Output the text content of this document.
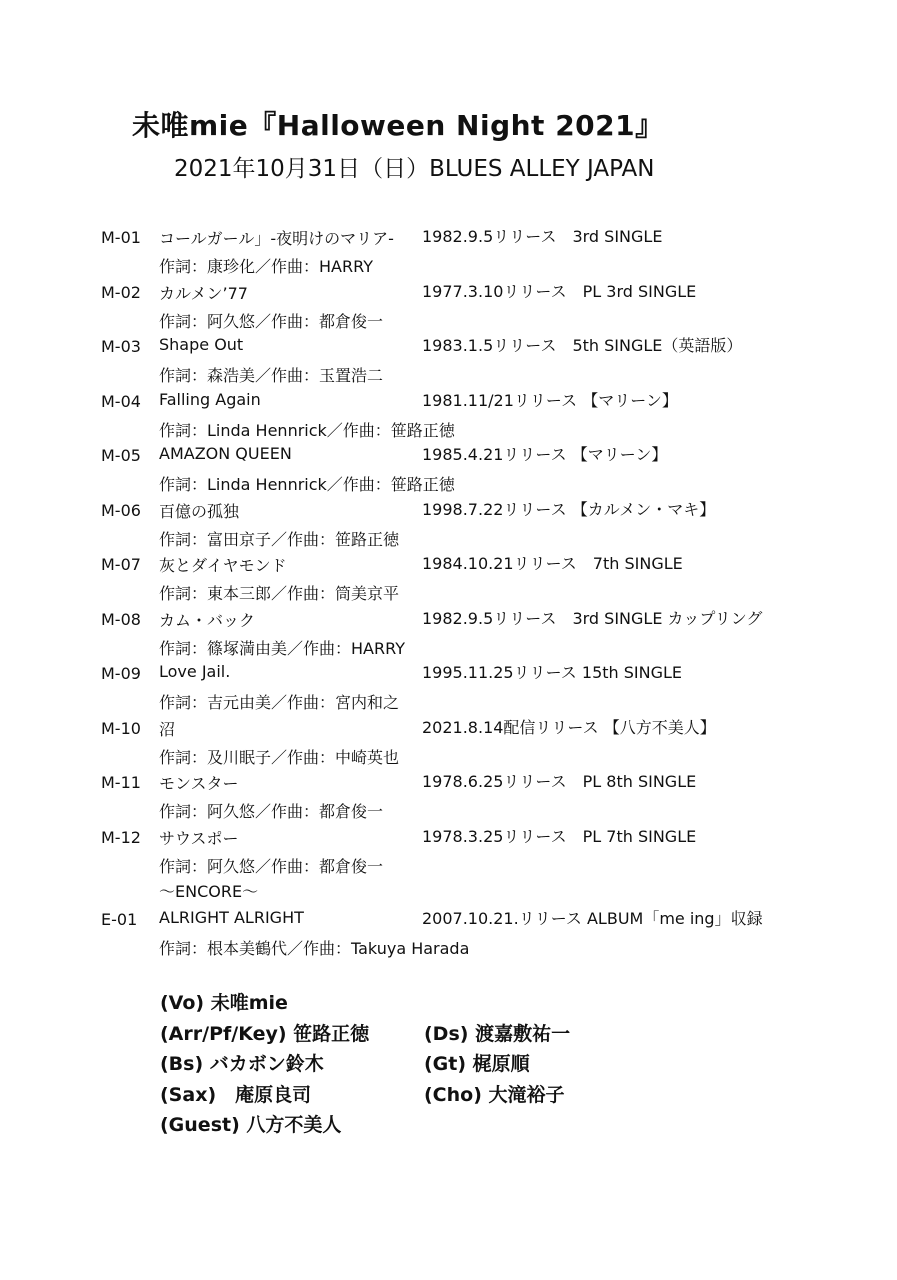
未唯mie『Halloween Night 2021』
2021年10月31日（日）BLUES ALLEY JAPAN
M-01 コールガール」-夜明けのマリア- 1982.9.5リリース　3rd SINGLE
作詞：康珍化／作曲：HARRY
M-02 カルメン’77	1977.3.10リリース　PL 3rd SINGLE
作詞：阿久悠／作曲：都倉俊一
M-03 Shape Out	1983.1.5リリース　5th SINGLE（英語版）
作詞：森浩美／作曲：玉置浩二
M-04 Falling Again	1981.11/21リリース 【マリーン】
作詞：Linda Hennrick／作曲：笹路正徳
M-05 AMAZON QUEEN	1985.4.21リリース 【マリーン】
作詞：Linda Hennrick／作曲：笹路正徳
M-06 百億の孤独	1998.7.22リリース 【カルメン・マキ】
作詞：富田京子／作曲：笹路正徳
M-07 灰とダイヤモンド	1984.10.21リリース　7th SINGLE
作詞：東本三郎／作曲：筒美京平
M-08 カム・バック	1982.9.5リリース　3rd SINGLE カップリング
作詞：篠塚満由美／作曲：HARRY
M-09 Love Jail.	1995.11.25リリース 15th SINGLE
作詞：吉元由美／作曲：宮内和之
M-10 沼	2021.8.14配信リリース 【八方不美人】
作詞：及川眠子／作曲：中崎英也
M-11 モンスター	1978.6.25リリース　PL 8th SINGLE
作詞：阿久悠／作曲：都倉俊一
M-12 サウスポー	1978.3.25リリース　PL 7th SINGLE
作詞：阿久悠／作曲：都倉俊一
～ENCORE～
E-01 ALRIGHT ALRIGHT	2007.10.21.リリース ALBUM「me ing」収録
作詞：根本美鶴代／作曲：Takuya Harada
(Vo) 未唯mie
(Arr/Pf/Key) 笹路正徳	(Ds) 渡嘉敷祐一
(Bs) バカボン鈴木	(Gt) 梶原順
(Sax)　庵原良司	(Cho) 大滝裕子
(Guest) 八方不美人
